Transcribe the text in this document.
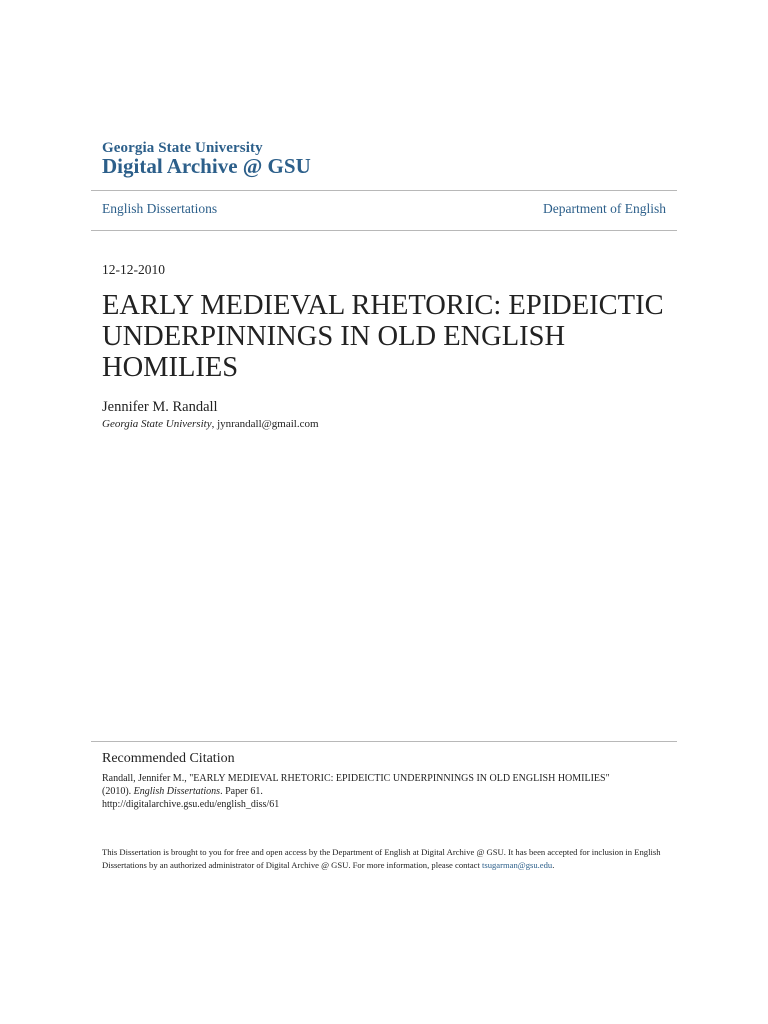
Georgia State University
Digital Archive @ GSU
English Dissertations	Department of English
12-12-2010
EARLY MEDIEVAL RHETORIC: EPIDEICTIC UNDERPINNINGS IN OLD ENGLISH HOMILIES
Jennifer M. Randall
Georgia State University, jynrandall@gmail.com
Recommended Citation
Randall, Jennifer M., "EARLY MEDIEVAL RHETORIC: EPIDEICTIC UNDERPINNINGS IN OLD ENGLISH HOMILIES"
(2010). English Dissertations. Paper 61.
http://digitalarchive.gsu.edu/english_diss/61
This Dissertation is brought to you for free and open access by the Department of English at Digital Archive @ GSU. It has been accepted for inclusion in English Dissertations by an authorized administrator of Digital Archive @ GSU. For more information, please contact tsugarman@gsu.edu.
